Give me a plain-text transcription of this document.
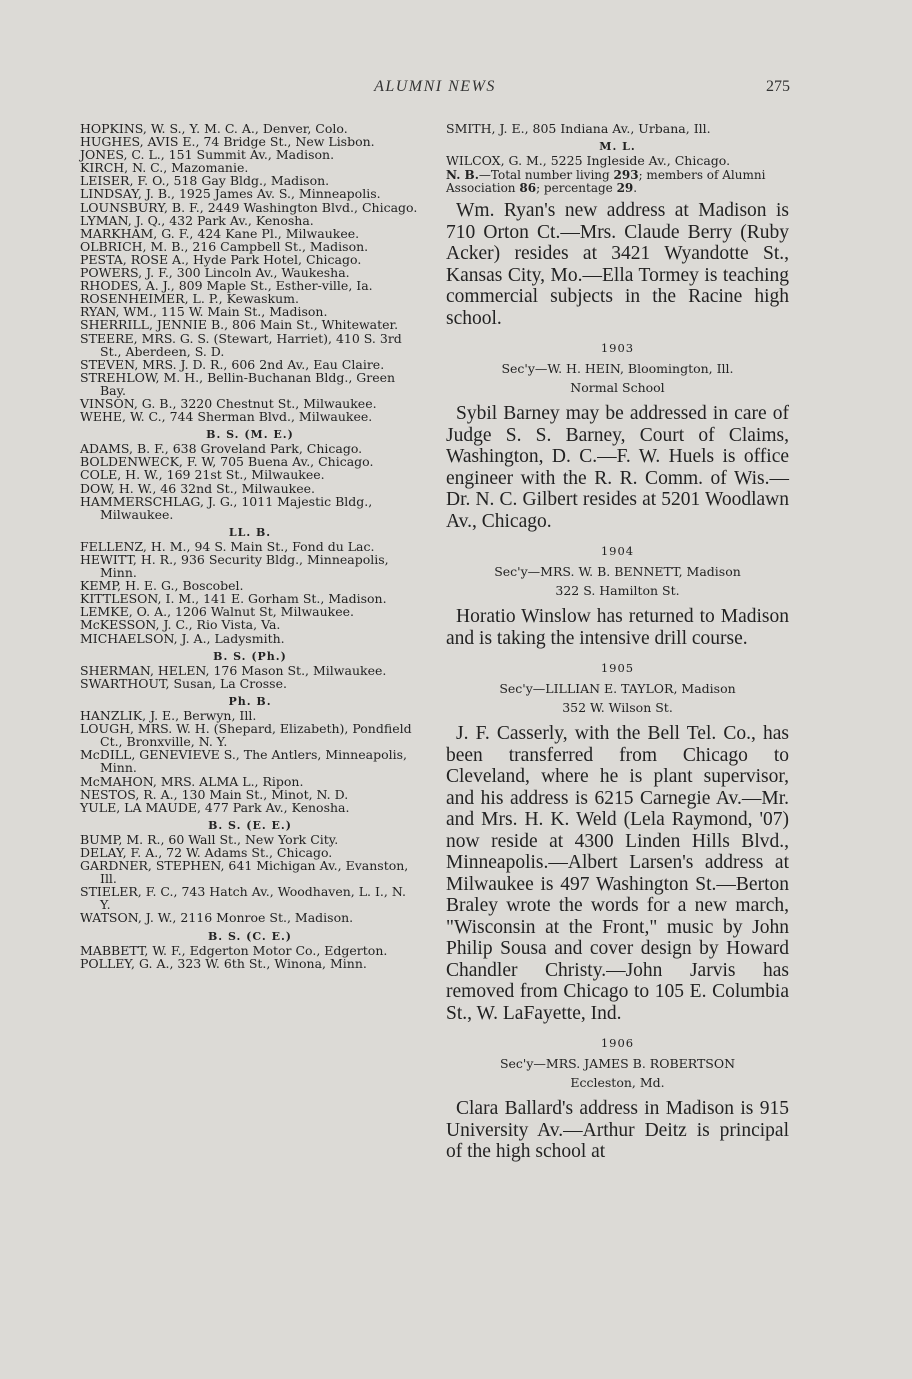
ALUMNI NEWS	275
HOPKINS, W. S., Y. M. C. A., Denver, Colo.
HUGHES, AVIS E., 74 Bridge St., New Lisbon.
JONES, C. L., 151 Summit Av., Madison.
KIRCH, N. C., Mazomanie.
LEISER, F. O., 518 Gay Bldg., Madison.
LINDSAY, J. B., 1925 James Av. S., Minneapolis.
LOUNSBURY, B. F., 2449 Washington Blvd., Chicago.
LYMAN, J. Q., 432 Park Av., Kenosha.
MARKHAM, G. F., 424 Kane Pl., Milwaukee.
OLBRICH, M. B., 216 Campbell St., Madison.
PESTA, ROSE A., Hyde Park Hotel, Chicago.
POWERS, J. F., 300 Lincoln Av., Waukesha.
RHODES, A. J., 809 Maple St., Esther-ville, Ia.
ROSENHEIMER, L. P., Kewaskum.
RYAN, WM., 115 W. Main St., Madison.
SHERRILL, JENNIE B., 806 Main St., Whitewater.
STEERE, MRS. G. S. (Stewart, Harriet), 410 S. 3rd St., Aberdeen, S. D.
STEVEN, MRS. J. D. R., 606 2nd Av., Eau Claire.
STREHLOW, M. H., Bellin-Buchanan Bldg., Green Bay.
VINSON, G. B., 3220 Chestnut St., Milwaukee.
WEHE, W. C., 744 Sherman Blvd., Milwaukee.
B. S. (M. E.)
ADAMS, B. F., 638 Groveland Park, Chicago.
BOLDENWECK, F. W, 705 Buena Av., Chicago.
COLE, H. W., 169 21st St., Milwaukee.
DOW, H. W., 46 32nd St., Milwaukee.
HAMMERSCHLAG, J. G., 1011 Majestic Bldg., Milwaukee.
LL. B.
FELLENZ, H. M., 94 S. Main St., Fond du Lac.
HEWITT, H. R., 936 Security Bldg., Minneapolis, Minn.
KEMP, H. E. G., Boscobel.
KITTLESON, I. M., 141 E. Gorham St., Madison.
LEMKE, O. A., 1206 Walnut St, Milwaukee.
McKESSON, J. C., Rio Vista, Va.
MICHAELSON, J. A., Ladysmith.
B. S. (Ph.)
SHERMAN, HELEN, 176 Mason St., Milwaukee.
SWARTHOUT, Susan, La Crosse.
Ph. B.
HANZLIK, J. E., Berwyn, Ill.
LOUGH, MRS. W. H. (Shepard, Elizabeth), Pondfield Ct., Bronxville, N. Y.
McDILL, GENEVIEVE S., The Antlers, Minneapolis, Minn.
McMAHON, MRS. ALMA L., Ripon.
NESTOS, R. A., 130 Main St., Minot, N. D.
YULE, LA MAUDE, 477 Park Av., Kenosha.
B. S. (E. E.)
BUMP, M. R., 60 Wall St., New York City.
DELAY, F. A., 72 W. Adams St., Chicago.
GARDNER, STEPHEN, 641 Michigan Av., Evanston, Ill.
STIELER, F. C., 743 Hatch Av., Woodhaven, L. I., N. Y.
WATSON, J. W., 2116 Monroe St., Madison.
B. S. (C. E.)
MABBETT, W. F., Edgerton Motor Co., Edgerton.
POLLEY, G. A., 323 W. 6th St., Winona, Minn.
SMITH, J. E., 805 Indiana Av., Urbana, Ill.
M. L.
WILCOX, G. M., 5225 Ingleside Av., Chicago.
N. B.—Total number living 293; members of Alumni Association 86; percentage 29.

Wm. Ryan's new address at Madison is 710 Orton Ct.—Mrs. Claude Berry (Ruby Acker) resides at 3421 Wyandotte St., Kansas City, Mo.—Ella Tormey is teaching commercial subjects in the Racine high school.

1903
Sec'y—W. H. HEIN, Bloomington, Ill.
Normal School

Sybil Barney may be addressed in care of Judge S. S. Barney, Court of Claims, Washington, D. C.—F. W. Huels is office engineer with the R. R. Comm. of Wis.—Dr. N. C. Gilbert resides at 5201 Woodlawn Av., Chicago.

1904
Sec'y—MRS. W. B. BENNETT, Madison
322 S. Hamilton St.

Horatio Winslow has returned to Madison and is taking the intensive drill course.

1905
Sec'y—LILLIAN E. TAYLOR, Madison
352 W. Wilson St.

J. F. Casserly, with the Bell Tel. Co., has been transferred from Chicago to Cleveland, where he is plant supervisor, and his address is 6215 Carnegie Av.—Mr. and Mrs. H. K. Weld (Lela Raymond, '07) now reside at 4300 Linden Hills Blvd., Minneapolis.—Albert Larsen's address at Milwaukee is 497 Washington St.—Berton Braley wrote the words for a new march, "Wisconsin at the Front," music by John Philip Sousa and cover design by Howard Chandler Christy.—John Jarvis has removed from Chicago to 105 E. Columbia St., W. LaFayette, Ind.

1906
Sec'y—MRS. JAMES B. ROBERTSON
Eccleston, Md.

Clara Ballard's address in Madison is 915 University Av.—Arthur Deitz is principal of the high school at
